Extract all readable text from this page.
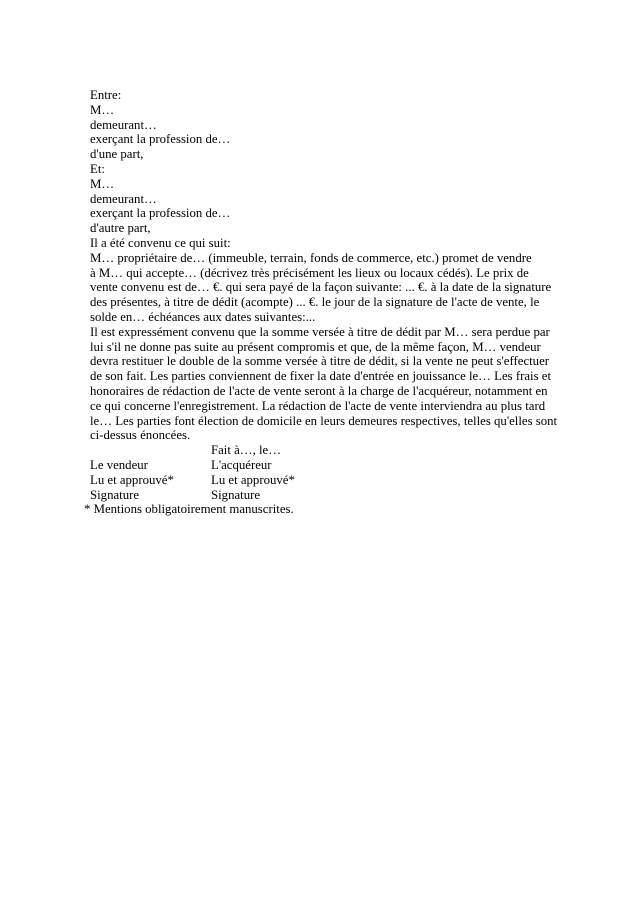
Entre:
M…
demeurant…
exerçant la profession de…
d'une part,
Et:
M…
demeurant…
exerçant la profession de…
d'autre part,
Il a été convenu ce qui suit:
M… propriétaire de… (immeuble, terrain, fonds de commerce, etc.) promet de vendre
à M… qui accepte… (décrivez très précisément les lieux ou locaux cédés). Le prix de
vente convenu est de… €. qui sera payé de la façon suivante: ... €. à la date de la signature
des présentes, à titre de dédit (acompte) ... €. le jour de la signature de l'acte de vente, le
solde en… échéances aux dates suivantes:...
Il est expressément convenu que la somme versée à titre de dédit par M… sera perdue par
lui s'il ne donne pas suite au présent compromis et que, de la même façon, M… vendeur
devra restituer le double de la somme versée à titre de dédit, si la vente ne peut s'effectuer
de son fait. Les parties conviennent de fixer la date d'entrée en jouissance le… Les frais et
honoraires de rédaction de l'acte de vente seront à la charge de l'acquéreur, notamment en
ce qui concerne l'enregistrement. La rédaction de l'acte de vente interviendra au plus tard
le… Les parties font élection de domicile en leurs demeures respectives, telles qu'elles sont
ci-dessus énoncées.
Fait à…, le…
Le vendeur	L'acquéreur
Lu et approuvé*	Lu et approuvé*
Signature	Signature
* Mentions obligatoirement manuscrites.
